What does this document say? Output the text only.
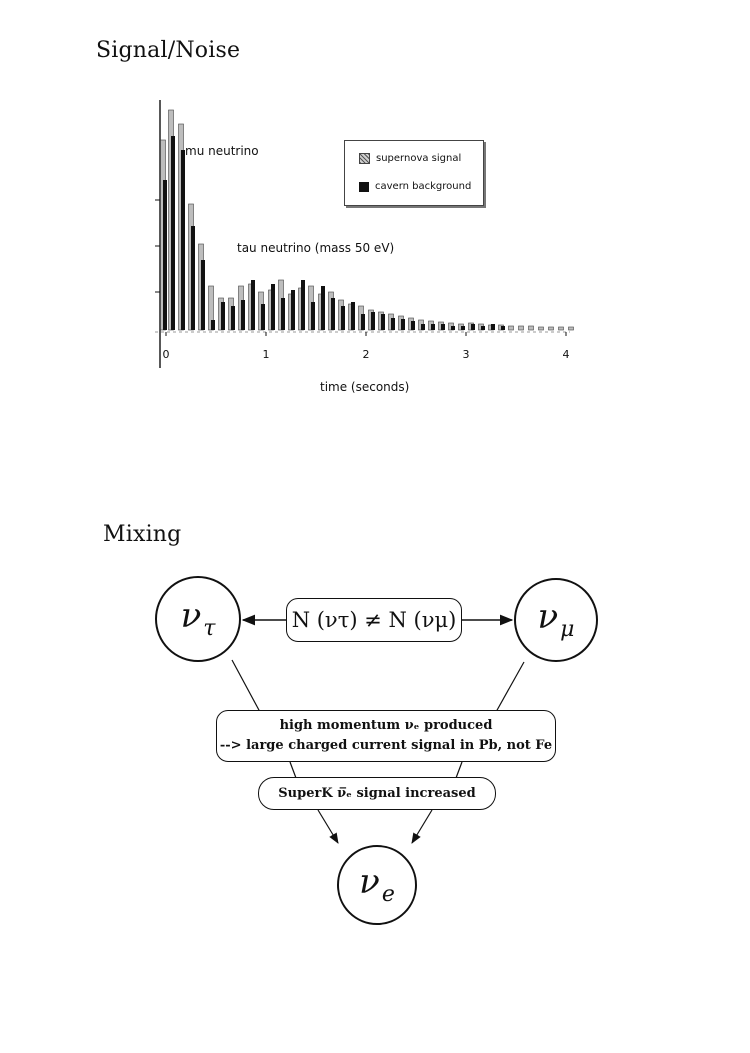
Signal/Noise
0	1	2	3	4
mu neutrino
tau neutrino (mass 50 eV)
time (seconds)
supernova signal
cavern background
Mixing
$\nu_\tau$	$\nu_\mu$
$\nu_e$
N (ντ) ≠ N (νμ)
high momentum νₑ produced
--> large charged current signal in Pb, not Fe
SuperK ν̅ₑ signal increased
